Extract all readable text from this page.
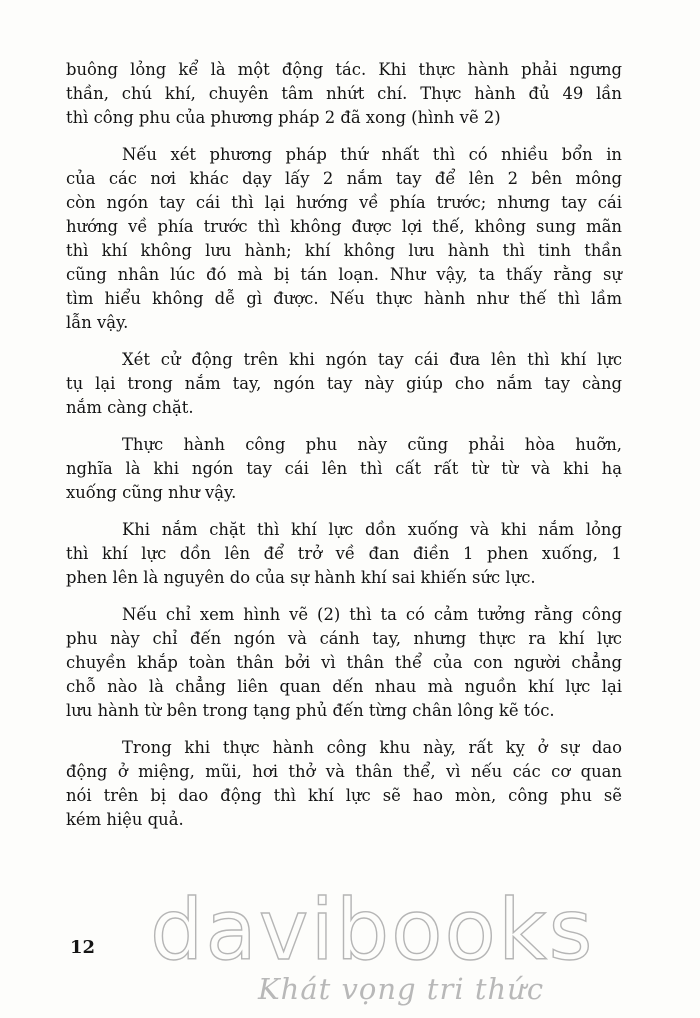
buông lỏng kể là một động tác. Khi thực hành phải ngưng
thần, chú khí, chuyên tâm nhứt chí. Thực hành đủ 49 lần
thì công phu của phương pháp 2 đã xong (hình vẽ 2)
Nếu xét phương pháp thứ nhất thì có nhiều bổn in
của các nơi khác dạy lấy 2 nắm tay để lên 2 bên mông
còn ngón tay cái thì lại hướng về phía trước; nhưng tay cái
hướng về phía trước thì không được lợi thế, không sung mãn
thì khí không lưu hành; khí không lưu hành thì tinh thần
cũng nhân lúc đó mà bị tán loạn. Như vậy, ta thấy rằng sự
tìm hiểu không dễ gì được. Nếu thực hành như thế thì lầm
lẫn vậy.
Xét cử động trên khi ngón tay cái đưa lên thì khí lực
tụ lại trong nắm tay, ngón tay này giúp cho nắm tay càng
nắm càng chặt.
Thực hành công phu này cũng phải hòa huỡn,
nghĩa là khi ngón tay cái lên thì cất rất từ từ và khi hạ
xuống cũng như vậy.
Khi nắm chặt thì khí lực dồn xuống và khi nắm lỏng
thì khí lực dồn lên để trở về đan điền 1 phen xuống, 1
phen lên là nguyên do của sự hành khí sai khiến sức lực.
Nếu chỉ xem hình vẽ (2) thì ta có cảm tưởng rằng công
phu này chỉ đến ngón và cánh tay, nhưng thực ra khí lực
chuyền khắp toàn thân bởi vì thân thể của con người chẳng
chỗ nào là chẳng liên quan dến nhau mà nguồn khí lực lại
lưu hành từ bên trong tạng phủ đến từng chân lông kẽ tóc.
Trong khi thực hành công khu này, rất kỵ ở sự dao
động ở miệng, mũi, hơi thở và thân thể, vì nếu các cơ quan
nói trên bị dao động thì khí lực sẽ hao mòn, công phu sẽ
kém hiệu quả.
12 davibooks
Khát vọng tri thức
